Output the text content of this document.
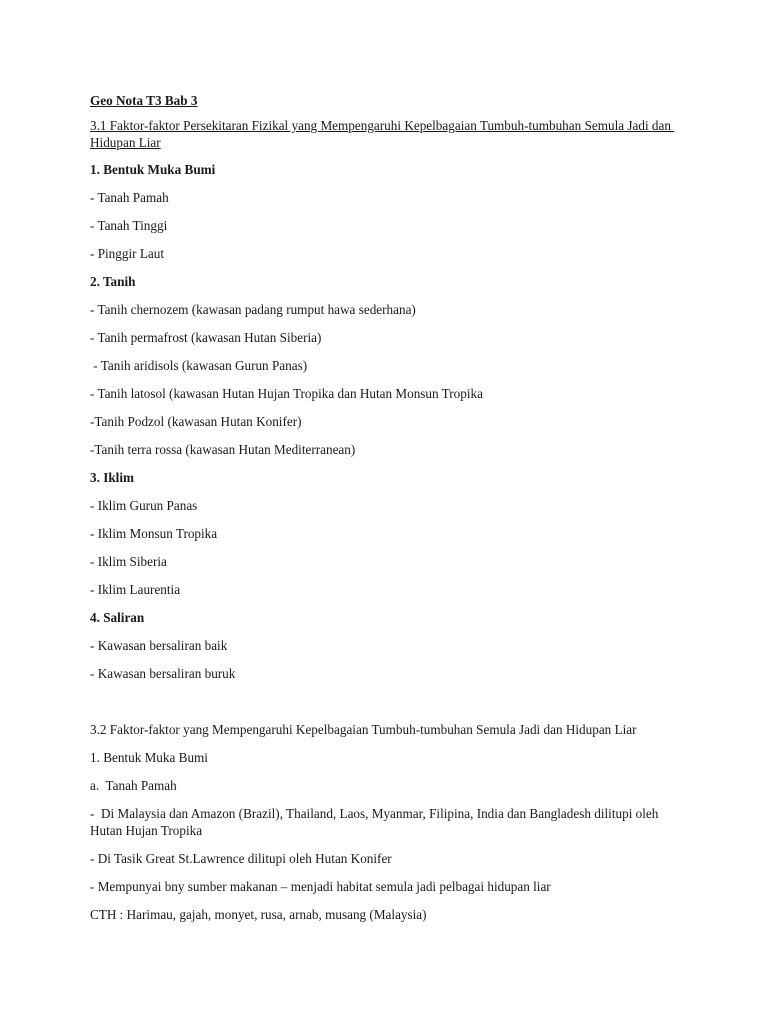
Geo Nota T3 Bab 3
3.1 Faktor-faktor Persekitaran Fizikal yang Mempengaruhi Kepelbagaian Tumbuh-tumbuhan Semula Jadi dan Hidupan Liar
1. Bentuk Muka Bumi
- Tanah Pamah
- Tanah Tinggi
- Pinggir Laut
2. Tanih
- Tanih chernozem (kawasan padang rumput hawa sederhana)
- Tanih permafrost (kawasan Hutan Siberia)
- Tanih aridisols (kawasan Gurun Panas)
- Tanih latosol (kawasan Hutan Hujan Tropika dan Hutan Monsun Tropika
-Tanih Podzol (kawasan Hutan Konifer)
-Tanih terra rossa (kawasan Hutan Mediterranean)
3. Iklim
- Iklim Gurun Panas
- Iklim Monsun Tropika
- Iklim Siberia
- Iklim Laurentia
4. Saliran
- Kawasan bersaliran baik
- Kawasan bersaliran buruk
3.2 Faktor-faktor yang Mempengaruhi Kepelbagaian Tumbuh-tumbuhan Semula Jadi dan Hidupan Liar
1. Bentuk Muka Bumi
a.  Tanah Pamah
-  Di Malaysia dan Amazon (Brazil), Thailand, Laos, Myanmar, Filipina, India dan Bangladesh dilitupi oleh Hutan Hujan Tropika
- Di Tasik Great St.Lawrence dilitupi oleh Hutan Konifer
- Mempunyai bny sumber makanan – menjadi habitat semula jadi pelbagai hidupan liar
CTH : Harimau, gajah, monyet, rusa, arnab, musang (Malaysia)
